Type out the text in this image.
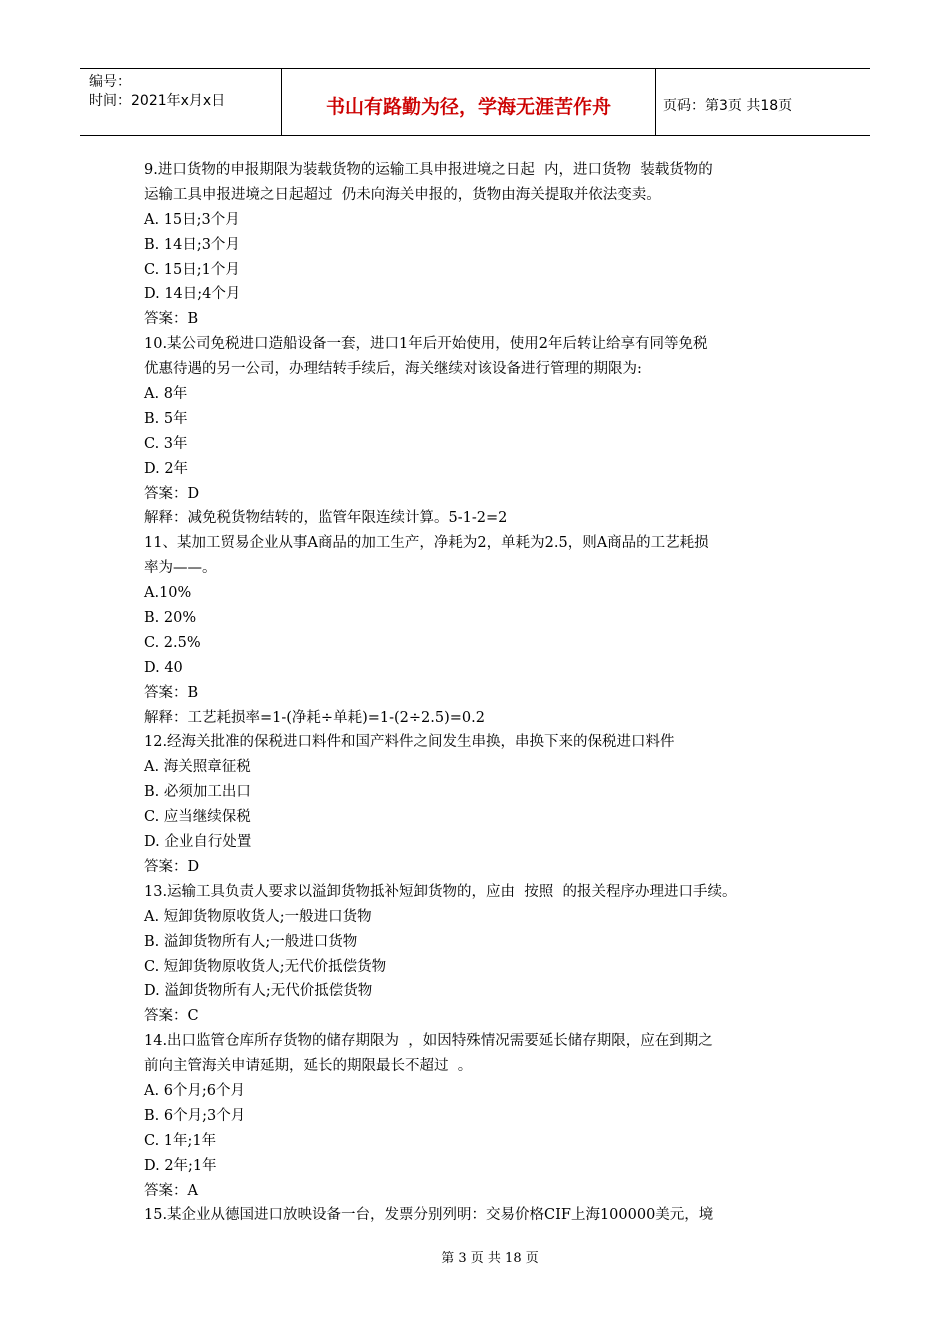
编号：
时间：2021年x月x日	书山有路勤为径，学海无涯苦作舟	页码：第3页 共18页
9.进口货物的申报期限为装载货物的运输工具申报进境之日起  内，进口货物  装载货物的
运输工具申报进境之日起超过  仍未向海关申报的，货物由海关提取并依法变卖。
A. 15日;3个月
B. 14日;3个月
C. 15日;1个月
D. 14日;4个月
答案：B
10.某公司免税进口造船设备一套，进口1年后开始使用，使用2年后转让给享有同等免税
优惠待遇的另一公司，办理结转手续后，海关继续对该设备进行管理的期限为:
A. 8年
B. 5年
C. 3年
D. 2年
答案：D
解释：减免税货物结转的，监管年限连续计算。5-1-2=2
11、某加工贸易企业从事A商品的加工生产，净耗为2，单耗为2.5，则A商品的工艺耗损
率为——。
A.10%
B. 20%
C. 2.5%
D. 40
答案：B
解释：工艺耗损率=1-(净耗÷单耗)=1-(2÷2.5)=0.2
12.经海关批准的保税进口料件和国产料件之间发生串换，串换下来的保税进口料件
A. 海关照章征税
B. 必须加工出口
C. 应当继续保税
D. 企业自行处置
答案：D
13.运输工具负责人要求以溢卸货物抵补短卸货物的，应由  按照  的报关程序办理进口手续。
A. 短卸货物原收货人;一般进口货物
B. 溢卸货物所有人;一般进口货物
C. 短卸货物原收货人;无代价抵偿货物
D. 溢卸货物所有人;无代价抵偿货物
答案：C
14.出口监管仓库所存货物的储存期限为  ，如因特殊情况需要延长储存期限，应在到期之
前向主管海关申请延期，延长的期限最长不超过  。
A. 6个月;6个月
B. 6个月;3个月
C. 1年;1年
D. 2年;1年
答案：A
15.某企业从德国进口放映设备一台，发票分别列明：交易价格CIF上海100000美元，境
第 3 页 共 18 页
